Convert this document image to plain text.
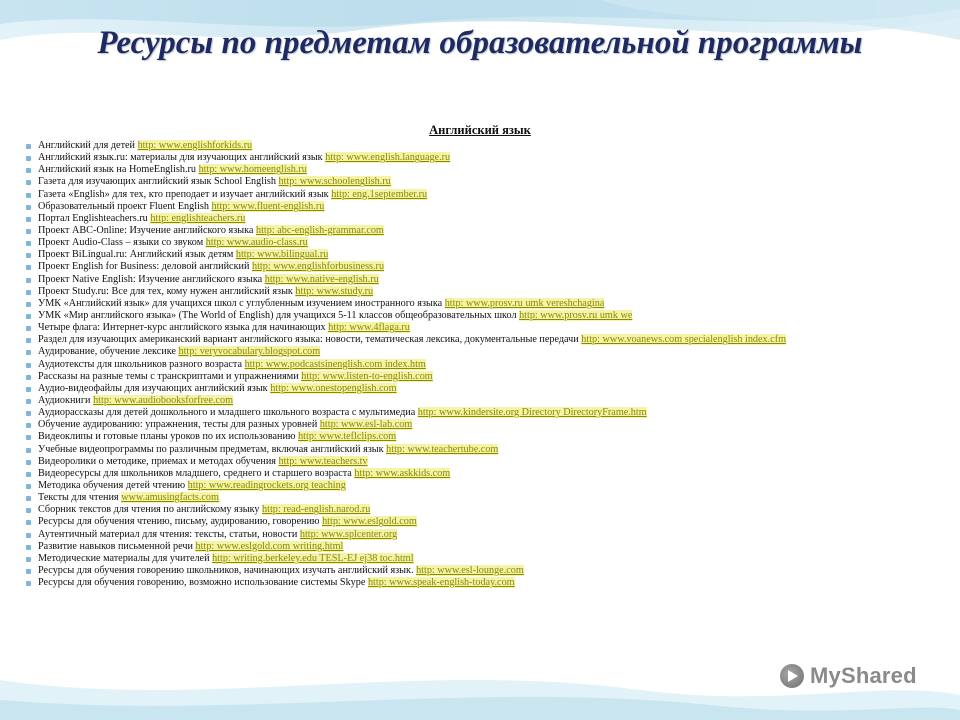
Ресурсы по предметам образовательной программы
Английский язык
Английский для детей http: www.englishforkids.ru
Английский язык.ru: материалы для изучающих английский язык http: www.english.language.ru
Английский язык на HomeEnglish.ru http: www.homeenglish.ru
Газета для изучающих английский язык School English http: www.schoolenglish.ru
Газета «English» для тех, кто преподает и изучает английский язык http: eng.1september.ru
Образовательный проект Fluent English http: www.fluent-english.ru
Портал Englishteachers.ru http: englishteachers.ru
Проект ABC-Online: Изучение английского языка http: abc-english-grammar.com
Проект Audio-Class – языки со звуком http: www.audio-class.ru
Проект BiLingual.ru: Английский язык детям http: www.bilingual.ru
Проект English for Business: деловой английский http: www.englishforbusiness.ru
Проект Native English: Изучение английского языка http: www.native-english.ru
Проект Study.ru: Все для тех, кому нужен английский язык http: www.study.ru
УМК «Английский язык» для учащихся школ с углубленным изучением иностранного языка http: www.prosv.ru umk vereshchagina
УМК «Мир английского языка» (The World of English) для учащихся 5-11 классов общеобразовательных школ http: www.prosv.ru umk we
Четыре флага: Интернет-курс английского языка для начинающих http: www.4flaga.ru
Раздел для изучающих американский вариант английского языка: новости, тематическая лексика, документальные передачи http: www.voanews.com specialenglish index.cfm
Аудирование, обучение лексике http: veryvocabulary.blogspot.com
Аудиотексты для школьников разного возраста http: www.podcastsinenglish.com index.htm
Рассказы на разные темы с транскриптами и упражнениями http: www.listen-to-english.com
Аудио-видеофайлы для изучающих английский язык http: www.onestopenglish.com
Аудиокниги http: www.audiobooksforfree.com
Аудиорассказы для детей дошкольного и младшего школьного возраста с мультимедиа http: www.kindersite.org Directory DirectoryFrame.htm
Обучение аудированию: упражнения, тесты для разных уровней http: www.esl-lab.com
Видеоклипы и готовые планы уроков по их использованию http: www.teflclips.com
Учебные видеопрограммы по различным предметам, включая английский язык http: www.teachertube.com
Видеоролики о методике, приемах и методах обучения http: www.teachers.tv
Видеоресурсы для школьников младшего, среднего и старшего возраста http: www.askkids.com
Методика обучения детей чтению http: www.readingrockets.org teaching
Тексты для чтения www.amusingfacts.com
Сборник текстов для чтения по английскому языку http: read-english.narod.ru
Ресурсы для обучения чтению, письму, аудированию, говорению http: www.eslgold.com
Аутентичный материал для чтения: тексты, статьи, новости http: www.splcenter.org
Развитие навыков письменной речи http: www.eslgold.com writing.html
Методические материалы для учителей http: writing.berkeley.edu TESL-EJ ej38 toc.html
Ресурсы для обучения говорению школьников, начинающих изучать английский язык. http: www.esl-lounge.com
Ресурсы для обучения говорению, возможно использование системы Skype http: www.speak-english-today.com
MyShared
